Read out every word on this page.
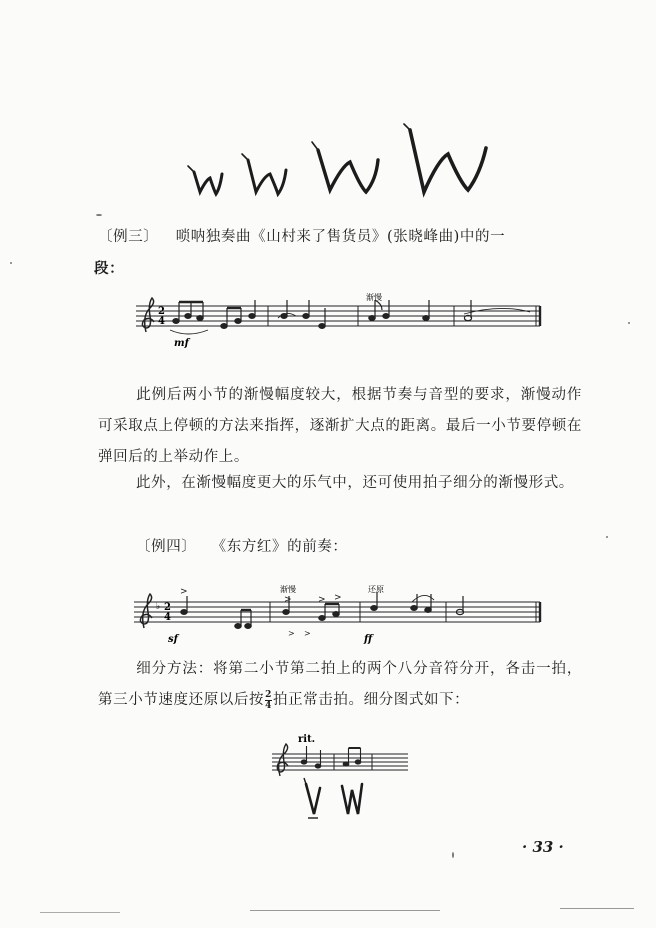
〔例三〕 唢呐独奏曲《山村来了售货员》(张晓峰曲)中的一
段：
2
4
渐慢
mf
此例后两小节的渐慢幅度较大，根据节奏与音型的要求，渐慢动作可采取点上停顿的方法来指挥，逐渐扩大点的距离。最后一小节要停顿在弹回后的上举动作上。
此外，在渐慢幅度更大的乐气中，还可使用拍子细分的渐慢形式。
〔例四〕 《东方红》的前奏：
♭ 2
4
>	渐慢
>	> >
> >
还原
sf	ff
细分方法：将第二小节第二拍上的两个八分音符分开，各击一拍，第三小节速度还原以后按 $\frac{2}{4}$ 拍正常击拍。细分图式如下：
rit.
· 33 ·
